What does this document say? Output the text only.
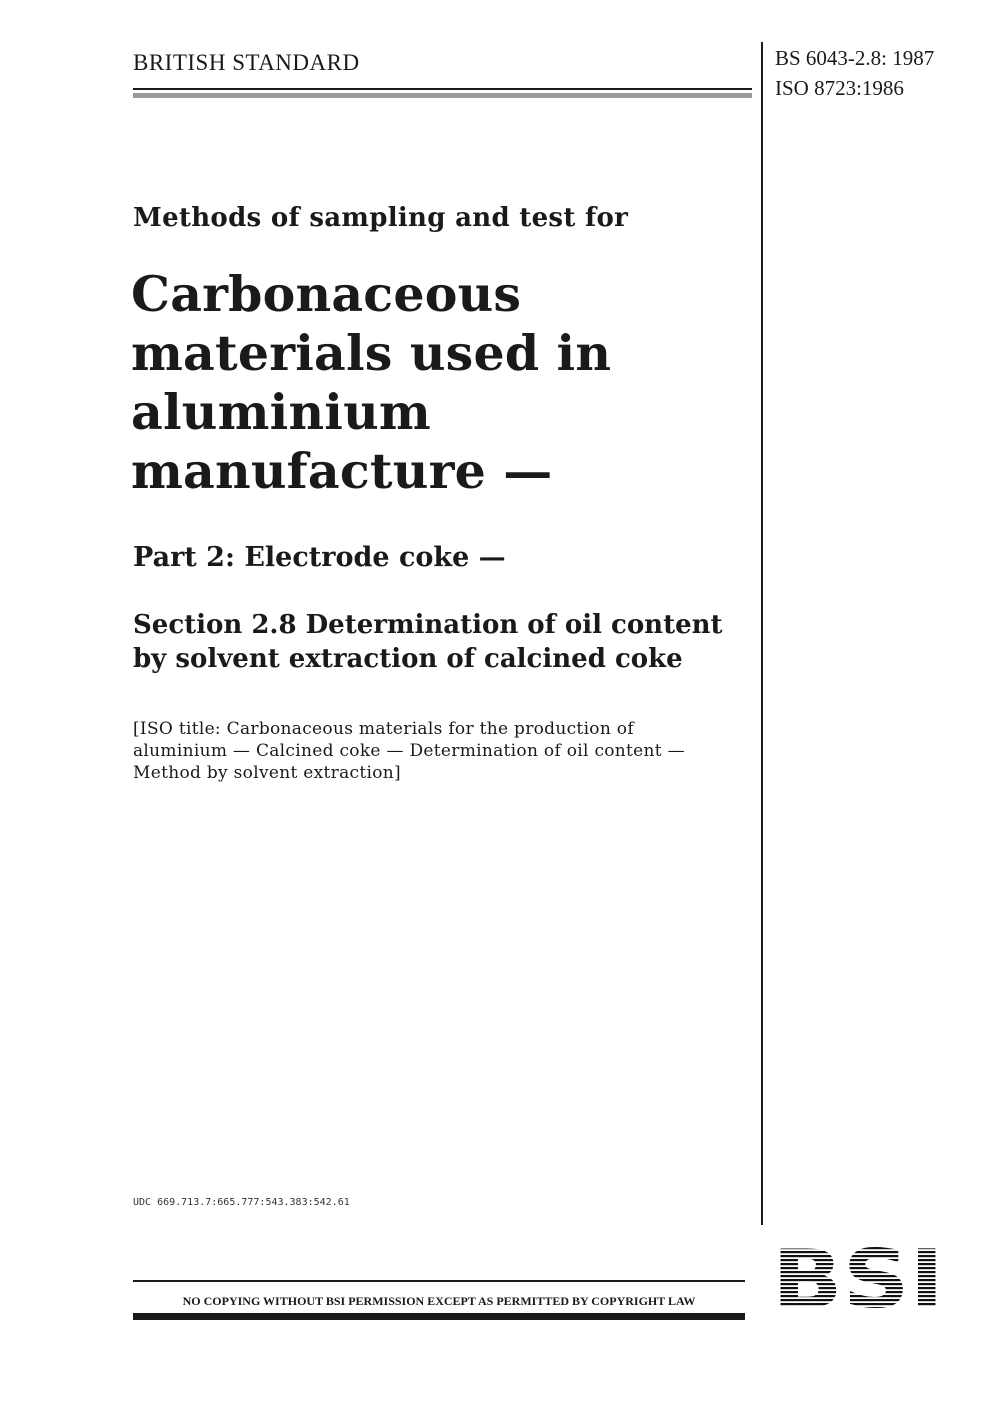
BRITISH STANDARD	BS 6043-2.8: 1987
ISO 8723:1986
Methods of sampling and test for
Carbonaceous materials used in aluminium manufacture —
Part 2: Electrode coke —
Section 2.8 Determination of oil content by solvent extraction of calcined coke
[ISO title: Carbonaceous materials for the production of aluminium — Calcined coke — Determination of oil content — Method by solvent extraction]
UDC 669.713.7:665.777:543.383:542.61
NO COPYING WITHOUT BSI PERMISSION EXCEPT AS PERMITTED BY COPYRIGHT LAW
